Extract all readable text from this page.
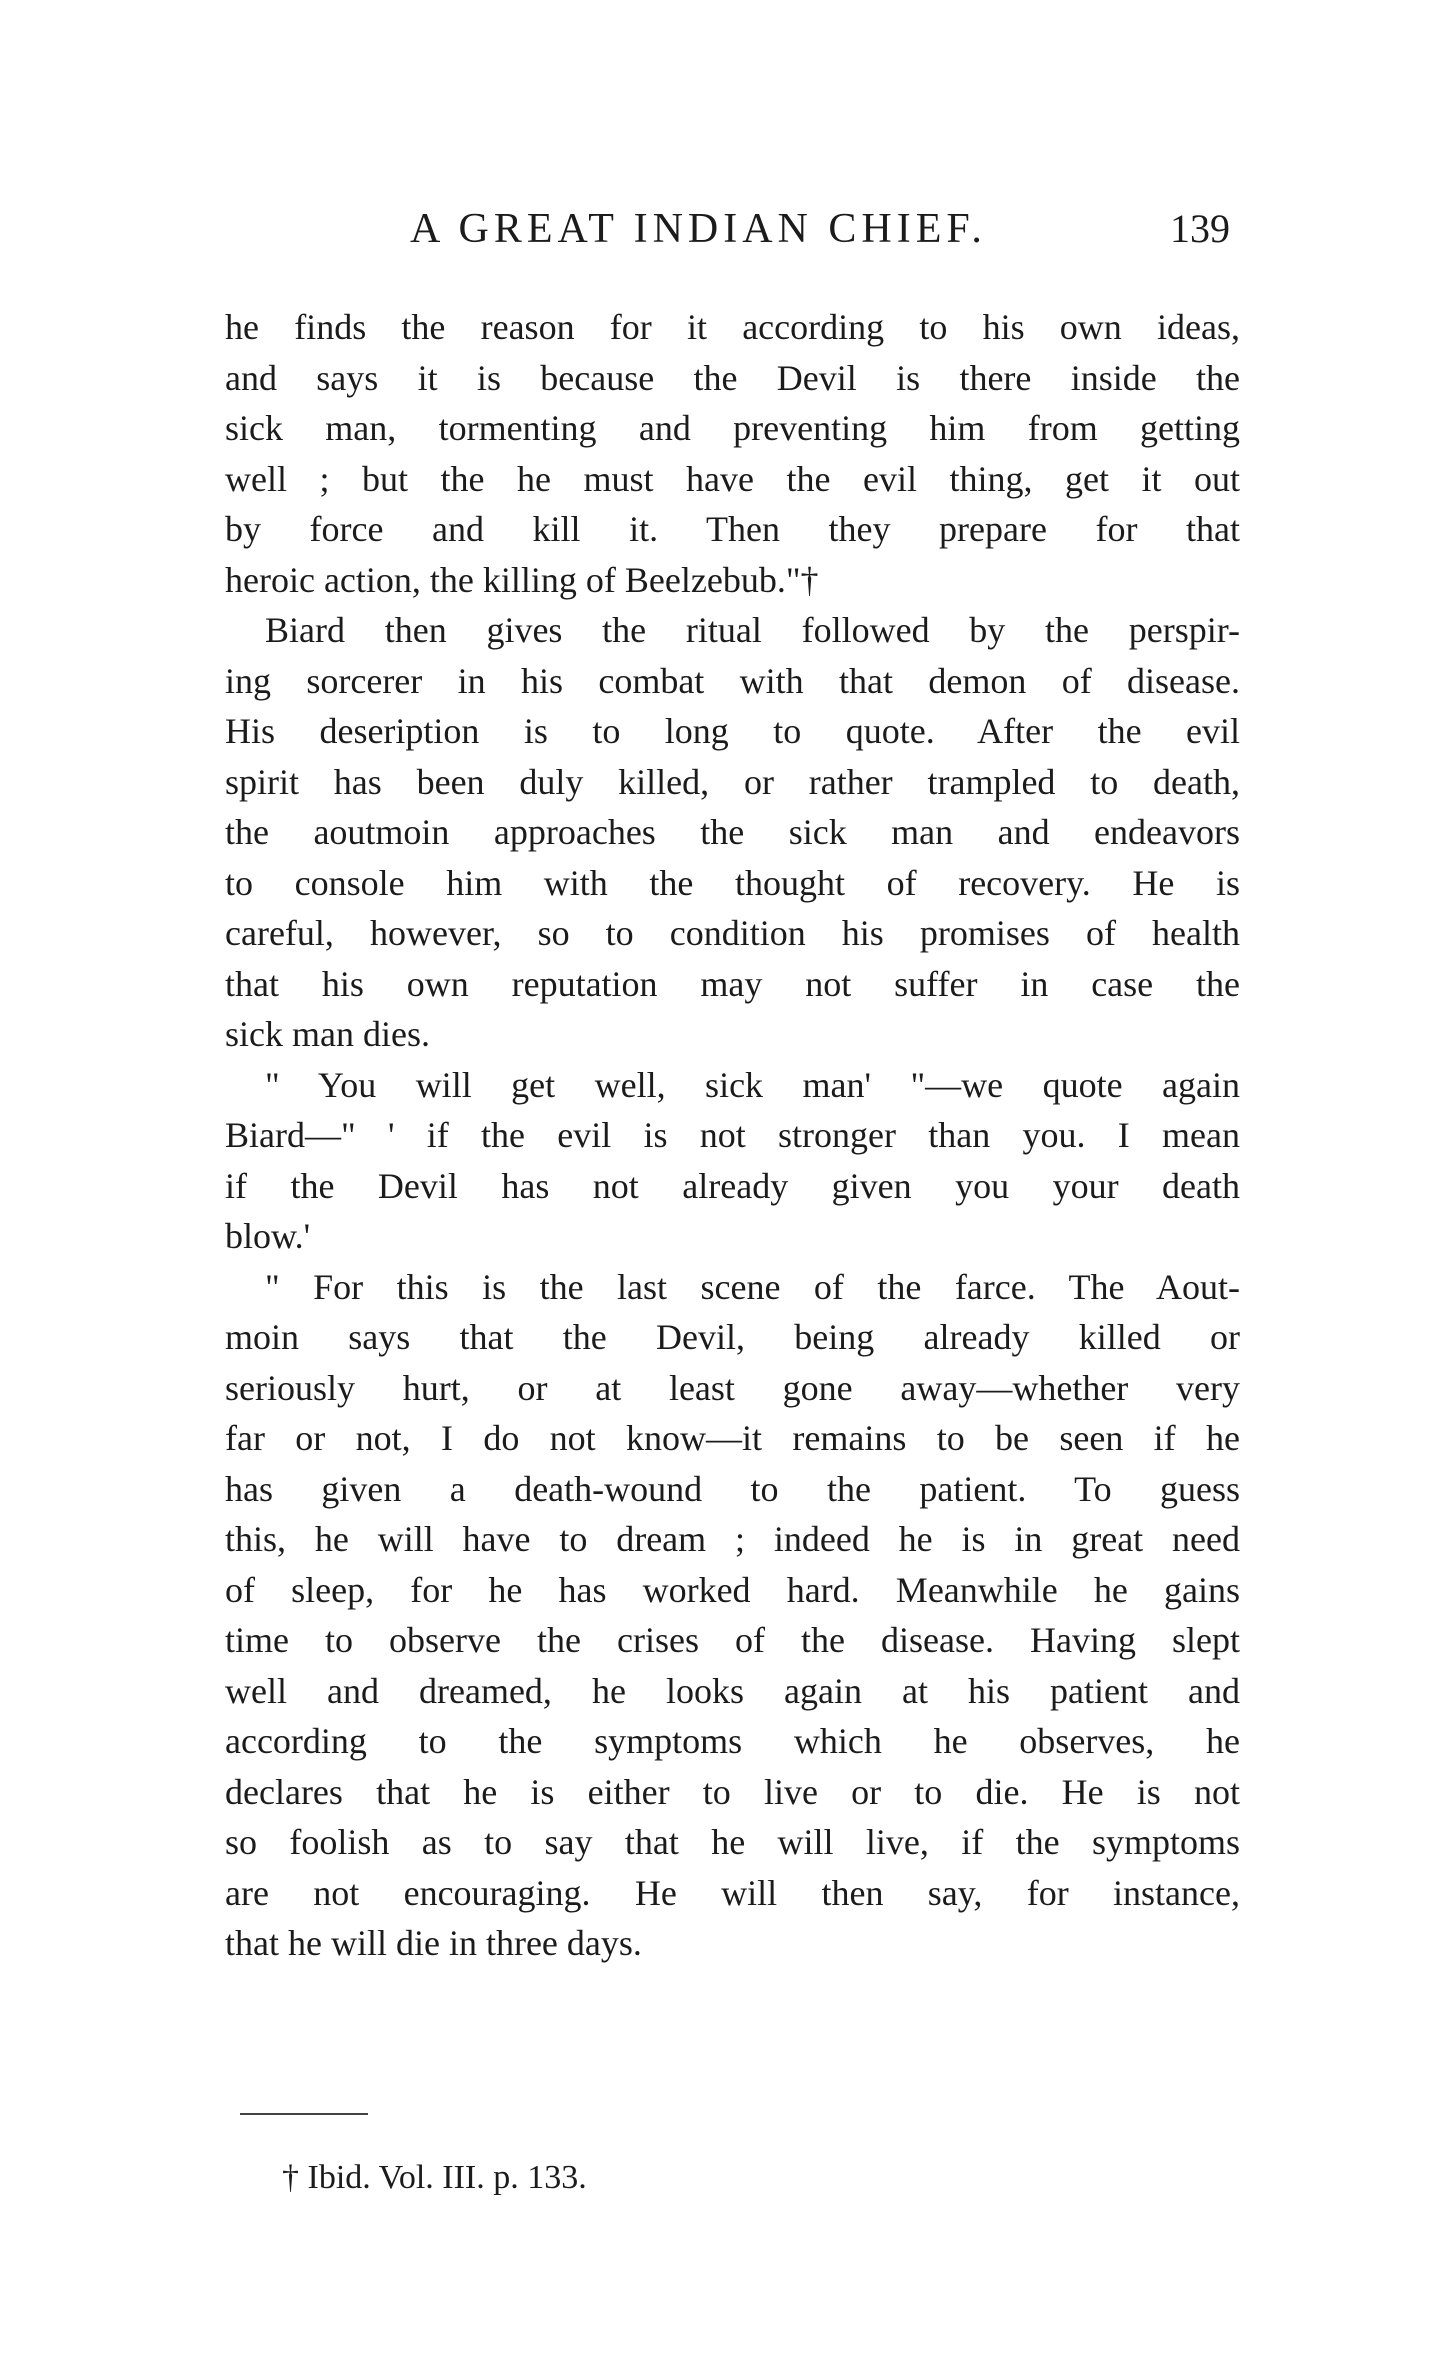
A GREAT INDIAN CHIEF.	139
he finds the reason for it according to his own ideas,
and says it is because the Devil is there inside the
sick man, tormenting and preventing him from getting
well ; but the he must have the evil thing, get it out
by force and kill it. Then they prepare for that
heroic action, the killing of Beelzebub."†
Biard then gives the ritual followed by the perspir-
ing sorcerer in his combat with that demon of disease.
His deseription is to long to quote. After the evil
spirit has been duly killed, or rather trampled to death,
the aoutmoin approaches the sick man and endeavors
to console him with the thought of recovery. He is
careful, however, so to condition his promises of health
that his own reputation may not suffer in case the
sick man dies.
" You will get well, sick man' "—we quote again
Biard—" ' if the evil is not stronger than you. I mean
if the Devil has not already given you your death
blow.'
" For this is the last scene of the farce. The Aout-
moin says that the Devil, being already killed or
seriously hurt, or at least gone away—whether very
far or not, I do not know—it remains to be seen if he
has given a death-wound to the patient. To guess
this, he will have to dream ; indeed he is in great need
of sleep, for he has worked hard. Meanwhile he gains
time to observe the crises of the disease. Having slept
well and dreamed, he looks again at his patient and
according to the symptoms which he observes, he
declares that he is either to live or to die. He is not
so foolish as to say that he will live, if the symptoms
are not encouraging. He will then say, for instance,
that he will die in three days.
† Ibid. Vol. III. p. 133.
